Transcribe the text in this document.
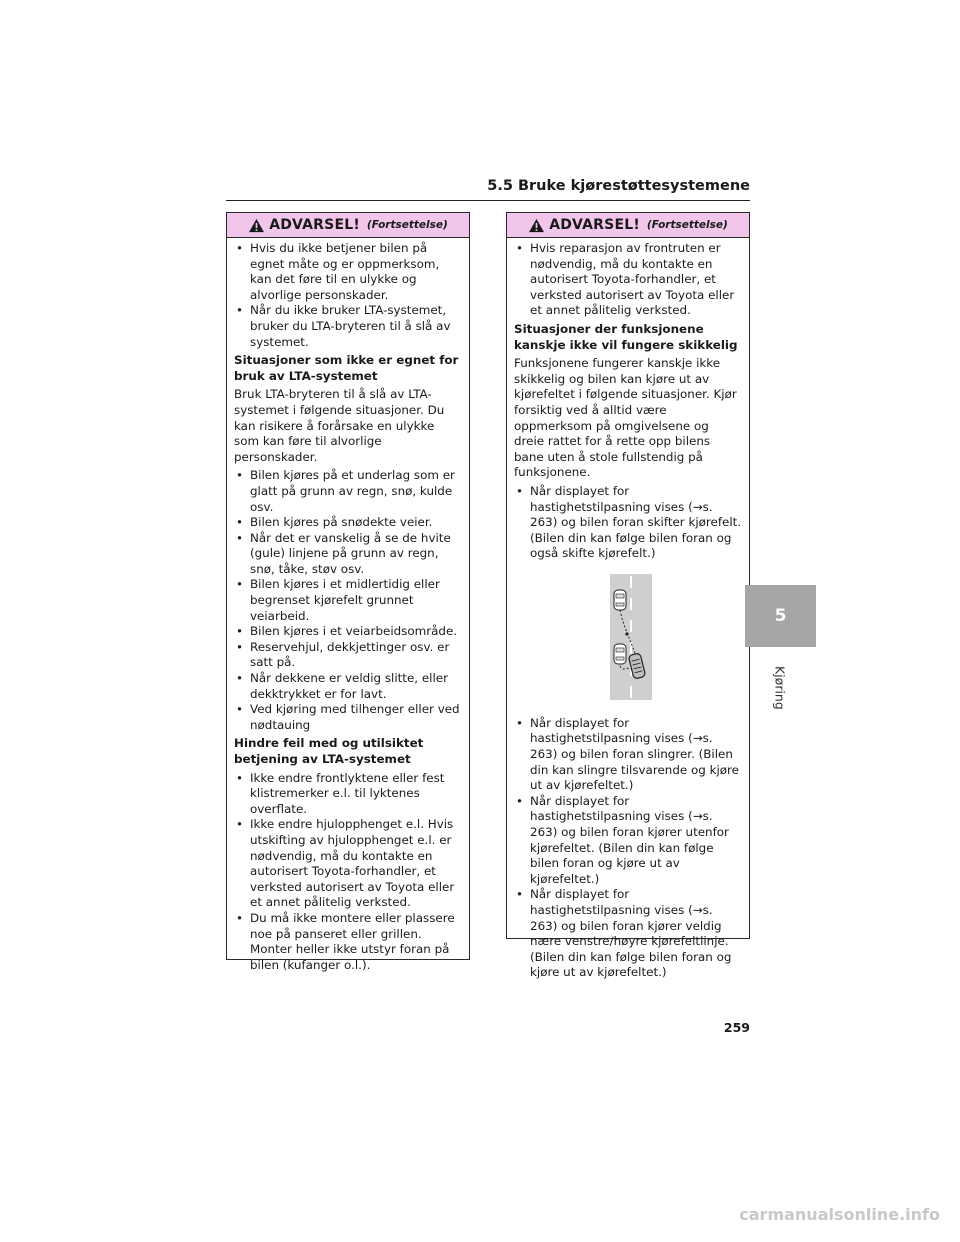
5.5 Bruke kjørestøttesystemene
ADVARSEL! (Fortsettelse)
• Hvis du ikke betjener bilen på egnet måte og er oppmerksom, kan det føre til en ulykke og alvorlige personskader.
• Når du ikke bruker LTA-systemet, bruker du LTA-bryteren til å slå av systemet.
Situasjoner som ikke er egnet for bruk av LTA-systemet

Bruk LTA-bryteren til å slå av LTA-systemet i følgende situasjoner. Du kan risikere å forårsake en ulykke som kan føre til alvorlige personskader.

• Bilen kjøres på et underlag som er glatt på grunn av regn, snø, kulde osv.
• Bilen kjøres på snødekte veier.
• Når det er vanskelig å se de hvite (gule) linjene på grunn av regn, snø, tåke, støv osv.
• Bilen kjøres i et midlertidig eller begrenset kjørefelt grunnet veiarbeid.
• Bilen kjøres i et veiarbeidsområde.
• Reservehjul, dekkjettinger osv. er satt på.
• Når dekkene er veldig slitte, eller dekktrykket er for lavt.
• Ved kjøring med tilhenger eller ved nødtauing
Hindre feil med og utilsiktet betjening av LTA-systemet
• Ikke endre frontlyktene eller fest klistremerker e.l. til lyktenes overflate.
• Ikke endre hjulopphenget e.l. Hvis utskifting av hjulopphenget e.l. er nødvendig, må du kontakte en autorisert Toyota-forhandler, et verksted autorisert av Toyota eller et annet pålitelig verksted.
• Du må ikke montere eller plassere noe på panseret eller grillen. Monter heller ikke utstyr foran på bilen (kufanger o.l.).
ADVARSEL! (Fortsettelse)
• Hvis reparasjon av frontruten er nødvendig, må du kontakte en autorisert Toyota-forhandler, et verksted autorisert av Toyota eller et annet pålitelig verksted.
Situasjoner der funksjonene kanskje ikke vil fungere skikkelig

Funksjonene fungerer kanskje ikke skikkelig og bilen kan kjøre ut av kjørefeltet i følgende situasjoner. Kjør forsiktig ved å alltid være oppmerksom på omgivelsene og dreie rattet for å rette opp bilens bane uten å stole fullstendig på funksjonene.

• Når displayet for hastighetstilpasning vises (→s. 263) og bilen foran skifter kjørefelt. (Bilen din kan følge bilen foran og også skifte kjørefelt.)
• Når displayet for hastighetstilpasning vises (→s. 263) og bilen foran slingrer. (Bilen din kan slingre tilsvarende og kjøre ut av kjørefeltet.)
• Når displayet for hastighetstilpasning vises (→s. 263) og bilen foran kjører utenfor kjørefeltet. (Bilen din kan følge bilen foran og kjøre ut av kjørefeltet.)
• Når displayet for hastighetstilpasning vises (→s. 263) og bilen foran kjører veldig nære venstre/høyre kjørefeltlinje. (Bilen din kan følge bilen foran og kjøre ut av kjørefeltet.)
5
Kjøring
259
carmanualsonline.info
